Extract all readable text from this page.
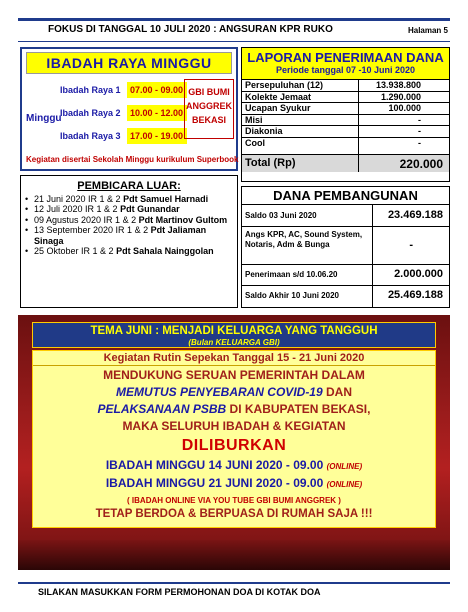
FOKUS DI TANGGAL 10 JULI 2020 : ANGSURAN KPR RUKO	Halaman 5
IBADAH RAYA MINGGU
Minggu
Ibadah Raya 1 07.00 - 09.00
Ibadah Raya 2 10.00 - 12.00
Ibadah Raya 3 17.00 - 19.00
GBI BUMI
ANGGREK
BEKASI
Kegiatan disertai Sekolah Minggu kurikulum Superbook
LAPORAN PENERIMAAN DANA
Periode tanggal 07 -10 Juni 2020
Persepuluhan (12)	13.938.800
Kolekte Jemaat	1.290.000
Ucapan Syukur	100.000
Misi	-
Diakonia	-
Cool	-
Total (Rp)	220.000
PEMBICARA LUAR:
• 21 Juni 2020 IR 1 & 2 Pdt Samuel Harnadi
• 12 Juli 2020 IR 1 & 2 Pdt Gunandar
• 09 Agustus 2020 IR 1 & 2 Pdt Martinov Gultom
• 13 September 2020 IR 1 & 2 Pdt Jaliaman Sinaga
• 25 Oktober IR 1 & 2 Pdt Sahala Nainggolan
DANA PEMBANGUNAN
Saldo 03 Juni 2020	23.469.188
Angs KPR, AC, Sound System, Notaris, Adm & Bunga	-
Penerimaan s/d 10.06.20	2.000.000
Saldo Akhir 10 Juni 2020	25.469.188
TEMA JUNI : MENJADI KELUARGA YANG TANGGUH
(Bulan KELUARGA GBI)
Kegiatan Rutin Sepekan Tanggal 15 - 21 Juni 2020
MENDUKUNG SERUAN PEMERINTAH DALAM
MEMUTUS PENYEBARAN COVID-19 DAN
PELAKSANAAN PSBB DI KABUPATEN BEKASI,
MAKA SELURUH IBADAH & KEGIATAN
DILIBURKAN
IBADAH MINGGU 14 JUNI 2020 - 09.00 (ONLINE)
IBADAH MINGGU 21 JUNI 2020 - 09.00 (ONLINE)
( IBADAH ONLINE VIA YOU TUBE GBI BUMI ANGGREK )
TETAP BERDOA & BERPUASA DI RUMAH SAJA !!!
SILAKAN MASUKKAN FORM PERMOHONAN DOA DI KOTAK DOA
